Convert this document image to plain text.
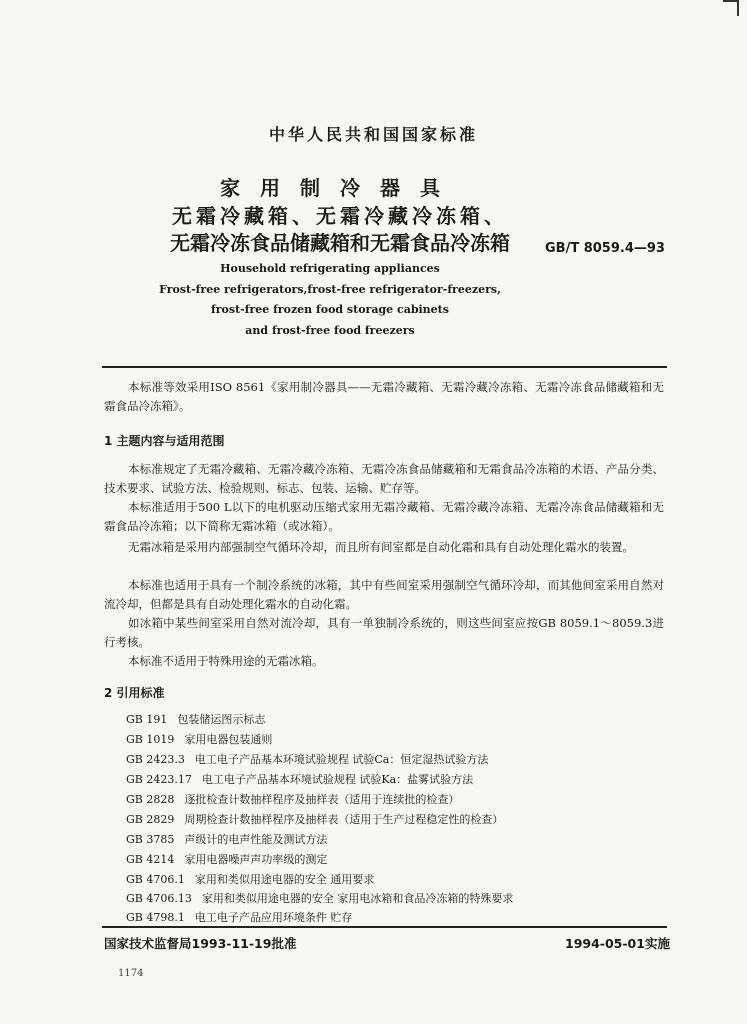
中华人民共和国国家标准
家用制冷器具
无霜冷藏箱、无霜冷藏冷冻箱、
无霜冷冻食品储藏箱和无霜食品冷冻箱	GB/T 8059.4—93
Household refrigerating appliances
Frost-free refrigerators,frost-free refrigerator-freezers,
frost-free frozen food storage cabinets
and frost-free food freezers
本标准等效采用ISO 8561《家用制冷器具——无霜冷藏箱、无霜冷藏冷冻箱、无霜冷冻食品储藏箱和无霜食品冷冻箱》。
1 主题内容与适用范围
本标准规定了无霜冷藏箱、无霜冷藏冷冻箱、无霜冷冻食品储藏箱和无霜食品冷冻箱的术语、产品分类、技术要求、试验方法、检验规则、标志、包装、运输、贮存等。
本标准适用于500 L以下的电机驱动压缩式家用无霜冷藏箱、无霜冷藏冷冻箱、无霜冷冻食品储藏箱和无霜食品冷冻箱；以下简称无霜冰箱（或冰箱）。
无霜冰箱是采用内部强制空气循环冷却，而且所有间室都是自动化霜和具有自动处理化霜水的装置。
本标准也适用于具有一个制冷系统的冰箱，其中有些间室采用强制空气循环冷却，而其他间室采用自然对流冷却，但都是具有自动处理化霜水的自动化霜。
如冰箱中某些间室采用自然对流冷却，具有一单独制冷系统的，则这些间室应按GB 8059.1～8059.3进行考核。
本标准不适用于特殊用途的无霜冰箱。
2 引用标准
GB 191 包装储运图示标志
GB 1019 家用电器包装通则
GB 2423.3 电工电子产品基本环境试验规程 试验Ca：恒定湿热试验方法
GB 2423.17 电工电子产品基本环境试验规程 试验Ka：盐雾试验方法
GB 2828 逐批检查计数抽样程序及抽样表（适用于连续批的检查）
GB 2829 周期检查计数抽样程序及抽样表（适用于生产过程稳定性的检查）
GB 3785 声级计的电声性能及测试方法
GB 4214 家用电器噪声声功率级的测定
GB 4706.1 家用和类似用途电器的安全 通用要求
GB 4706.13 家用和类似用途电器的安全 家用电冰箱和食品冷冻箱的特殊要求
GB 4798.1 电工电子产品应用环境条件 贮存
国家技术监督局1993-11-19批准	1994-05-01实施
1174
